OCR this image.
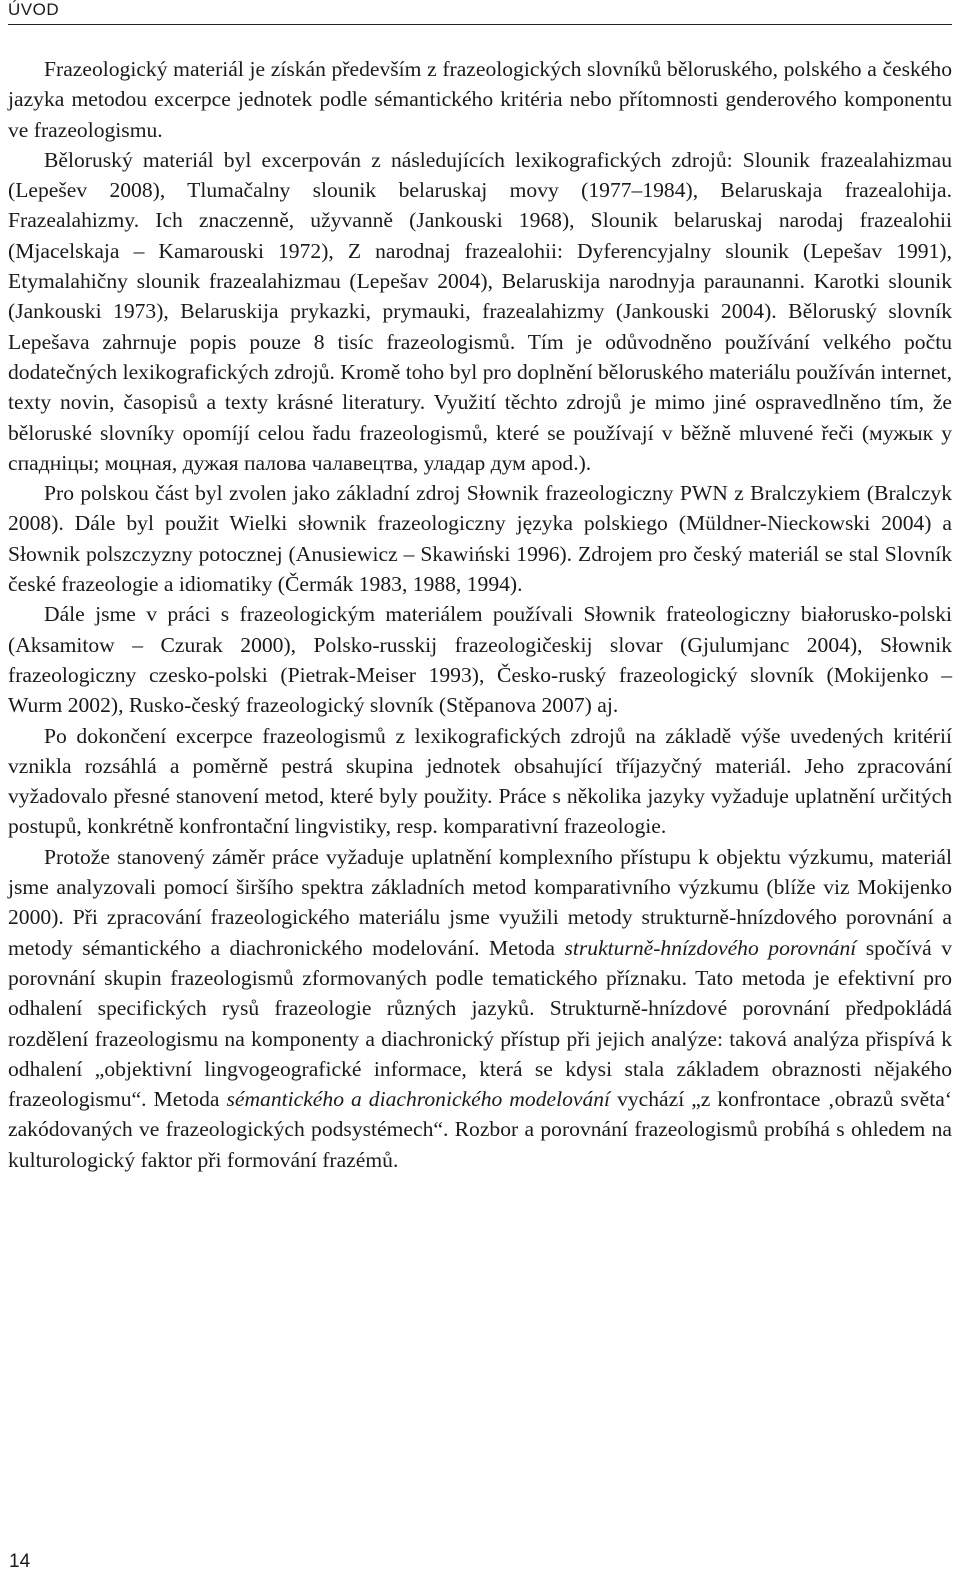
ÚVOD

Frazeologický materiál je získán především z frazeologických slovníků běloruského, polského a českého jazyka metodou excerpce jednotek podle sémantického kritéria nebo přítomnosti genderového komponentu ve frazeologismu.

Běloruský materiál byl excerpován z následujících lexikografických zdrojů: Slounik frazealahizmau (Lepešev 2008), Tlumačalny slounik belaruskaj movy (1977–1984), Belaruskaja frazealohija. Frazealahizmy. Ich znaczenně, užyvanně (Jankouski 1968), Slounik belaruskaj narodaj frazealohii (Mjacelskaja – Kamarouski 1972), Z narodnaj frazealohii: Dyferencyjalny slounik (Lepešav 1991), Etymalahičny slounik frazealahizmau (Lepešav 2004), Belaruskija narodnyja paraunanni. Karotki slounik (Jankouski 1973), Belaruskija prykazki, prymauki, frazealahizmy (Jankouski 2004). Běloruský slovník Lepešava zahrnuje popis pouze 8 tisíc frazeologismů. Tím je odůvodněno používání velkého počtu dodatečných lexikografických zdrojů. Kromě toho byl pro doplnění běloruského materiálu používán internet, texty novin, časopisů a texty krásné literatury. Využití těchto zdrojů je mimo jiné ospravedlněno tím, že běloruské slovníky opomíjí celou řadu frazeologismů, které se používají v běžně mluvené řeči (мужык у спадніцы; моцная, дужая палова чалавецтва, уладар дум apod.).

Pro polskou část byl zvolen jako základní zdroj Słownik frazeologiczny PWN z Bralczykiem (Bralczyk 2008). Dále byl použit Wielki słownik frazeologiczny języka polskiego (Müldner-Nieckowski 2004) a Słownik polszczyzny potocznej (Anusiewicz – Skawiński 1996). Zdrojem pro český materiál se stal Slovník české frazeologie a idiomatiky (Čermák 1983, 1988, 1994).

Dále jsme v práci s frazeologickým materiálem používali Słownik frateologiczny białorusko-polski (Aksamitow – Czurak 2000), Polsko-russkij frazeologičeskij slovar (Gjulumjanc 2004), Słownik frazeologiczny czesko-polski (Pietrak-Meiser 1993), Česko-ruský frazeologický slovník (Mokijenko – Wurm 2002), Rusko-český frazeologický slovník (Stěpanova 2007) aj.

Po dokončení excerpce frazeologismů z lexikografických zdrojů na základě výše uvedených kritérií vznikla rozsáhlá a poměrně pestrá skupina jednotek obsahující tříjazyčný materiál. Jeho zpracování vyžadovalo přesné stanovení metod, které byly použity. Práce s několika jazyky vyžaduje uplatnění určitých postupů, konkrétně konfrontační lingvistiky, resp. komparativní frazeologie.

Protože stanovený záměr práce vyžaduje uplatnění komplexního přístupu k objektu výzkumu, materiál jsme analyzovali pomocí širšího spektra základních metod komparativního výzkumu (blíže viz Mokijenko 2000). Při zpracování frazeologického materiálu jsme využili metody strukturně-hnízdového porovnání a metody sémantického a diachronického modelování. Metoda strukturně-hnízdového porovnání spočívá v porovnání skupin frazeologismů zformovaných podle tematického příznaku. Tato metoda je efektivní pro odhalení specifických rysů frazeologie různých jazyků. Strukturně-hnízdové porovnání předpokládá rozdělení frazeologismu na komponenty a diachronický přístup při jejich analýze: taková analýza přispívá k odhalení „objektivní lingvogeografické informace, která se kdysi stala základem obraznosti nějakého frazeologismu“. Metoda sémantického a diachronického modelování vychází „z konfrontace ‚obrazů světa‘ zakódovaných ve frazeologických podsystémech“. Rozbor a porovnání frazeologismů probíhá s ohledem na kulturologický faktor při formování frazémů.

14
